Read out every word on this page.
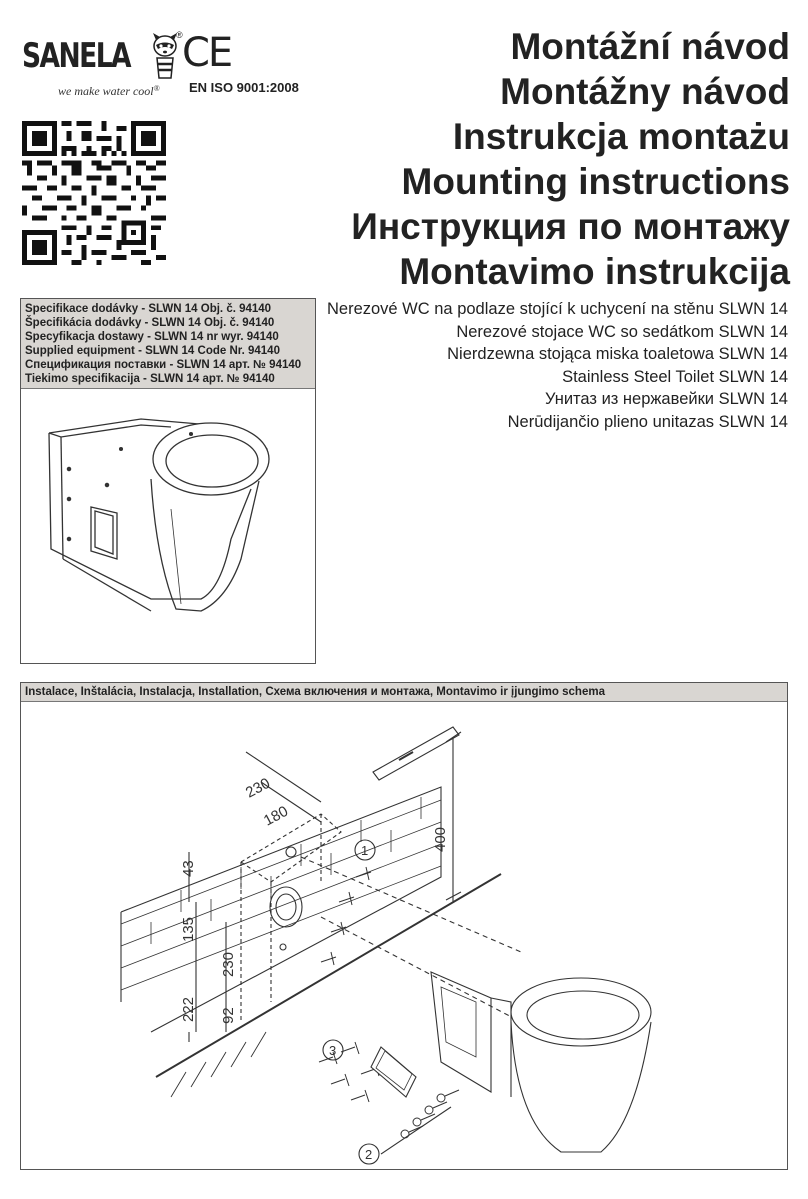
SANELA
®
we make water cool®
CE
EN ISO 9001:2008
Montážní návod
Montážny návod
Instrukcja montażu
Mounting instructions
Инструкция по монтажу
Montavimo instrukcija
Specifikace dodávky - SLWN 14 Obj. č. 94140
Špecifikácia dodávky - SLWN 14 Obj. č. 94140
Specyfikacja dostawy - SLWN 14 nr wyr. 94140
Supplied equipment - SLWN 14 Code Nr. 94140
Спецификация поставки - SLWN 14 арт. № 94140
Tiekimo specifikacija - SLWN 14 арт. № 94140
Nerezové WC na podlaze stojící k uchycení na stěnu SLWN 14
Nerezové stojace WC so sedátkom SLWN 14
Nierdzewna stojąca miska toaletowa SLWN 14
Stainless Steel Toilet SLWN 14
Унитаз из нержавейки SLWN 14
Nerūdijančio plieno unitazas SLWN 14
Instalace, Inštalácia, Instalacja, Installation, Схема включения и монтажа, Montavimo ir įjungimo schema
230
180
43
135
230
222 92
400
1
2
3
